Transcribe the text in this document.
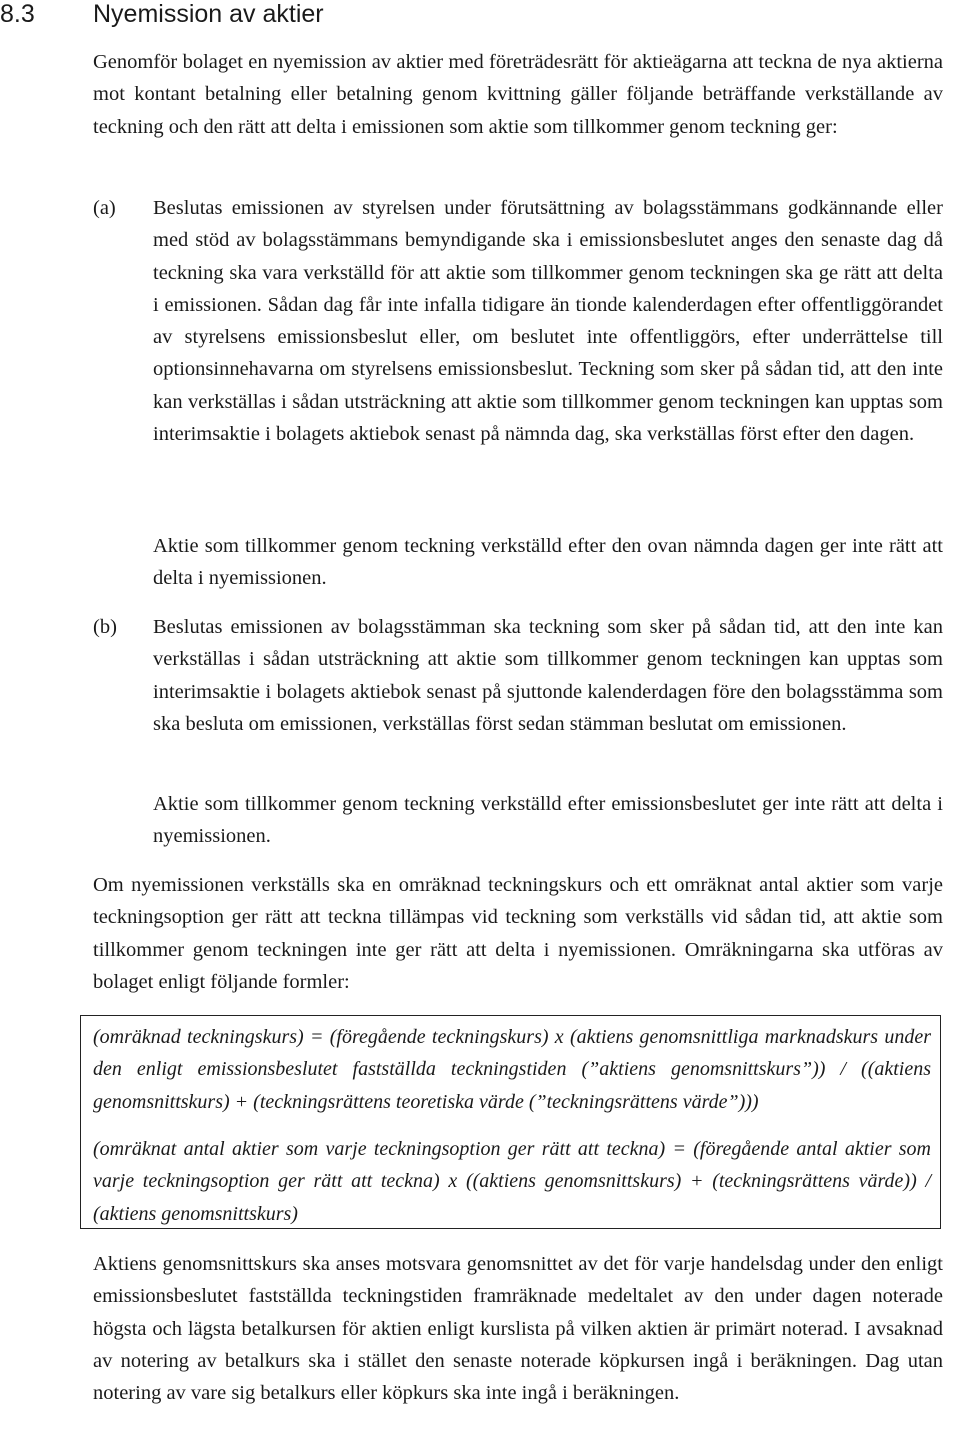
8.3 Nyemission av aktier

Genomför bolaget en nyemission av aktier med företrädesrätt för aktieägarna att teckna de nya aktierna mot kontant betalning eller betalning genom kvittning gäller följande beträffande verkställande av teckning och den rätt att delta i emissionen som aktie som tillkommer genom teckning ger:

(a) Beslutas emissionen av styrelsen under förutsättning av bolagsstämmans godkännande eller med stöd av bolagsstämmans bemyndigande ska i emissionsbeslutet anges den senaste dag då teckning ska vara verkställd för att aktie som tillkommer genom teckningen ska ge rätt att delta i emissionen. Sådan dag får inte infalla tidigare än tionde kalenderdagen efter offentliggörandet av styrelsens emissionsbeslut eller, om beslutet inte offentliggörs, efter underrättelse till optionsinnehavarna om styrelsens emissionsbeslut. Teckning som sker på sådan tid, att den inte kan verkställas i sådan utsträckning att aktie som tillkommer genom teckningen kan upptas som interimsaktie i bolagets aktiebok senast på nämnda dag, ska verkställas först efter den dagen.

Aktie som tillkommer genom teckning verkställd efter den ovan nämnda dagen ger inte rätt att delta i nyemissionen.

(b) Beslutas emissionen av bolagsstämman ska teckning som sker på sådan tid, att den inte kan verkställas i sådan utsträckning att aktie som tillkommer genom teckningen kan upptas som interimsaktie i bolagets aktiebok senast på sjuttonde kalenderdagen före den bolagsstämma som ska besluta om emissionen, verkställas först sedan stämman beslutat om emissionen.

Aktie som tillkommer genom teckning verkställd efter emissionsbeslutet ger inte rätt att delta i nyemissionen.

Om nyemissionen verkställs ska en omräknad teckningskurs och ett omräknat antal aktier som varje teckningsoption ger rätt att teckna tillämpas vid teckning som verkställs vid sådan tid, att aktie som tillkommer genom teckningen inte ger rätt att delta i nyemissionen. Omräkningarna ska utföras av bolaget enligt följande formler:

(omräknad teckningskurs) = (föregående teckningskurs) x (aktiens genomsnittliga marknadskurs under den enligt emissionsbeslutet fastställda teckningstiden (”aktiens genomsnittskurs”)) / ((aktiens genomsnittskurs) + (teckningsrättens teoretiska värde (”teckningsrättens värde”)))

(omräknat antal aktier som varje teckningsoption ger rätt att teckna) = (föregående antal aktier som varje teckningsoption ger rätt att teckna) x ((aktiens genomsnittskurs) + (teckningsrättens värde)) / (aktiens genomsnittskurs)

Aktiens genomsnittskurs ska anses motsvara genomsnittet av det för varje handelsdag under den enligt emissionsbeslutet fastställda teckningstiden framräknade medeltalet av den under dagen noterade högsta och lägsta betalkursen för aktien enligt kurslista på vilken aktien är primärt noterad. I avsaknad av notering av betalkurs ska i stället den senaste noterade köpkursen ingå i beräkningen. Dag utan notering av vare sig betalkurs eller köpkurs ska inte ingå i beräkningen.
